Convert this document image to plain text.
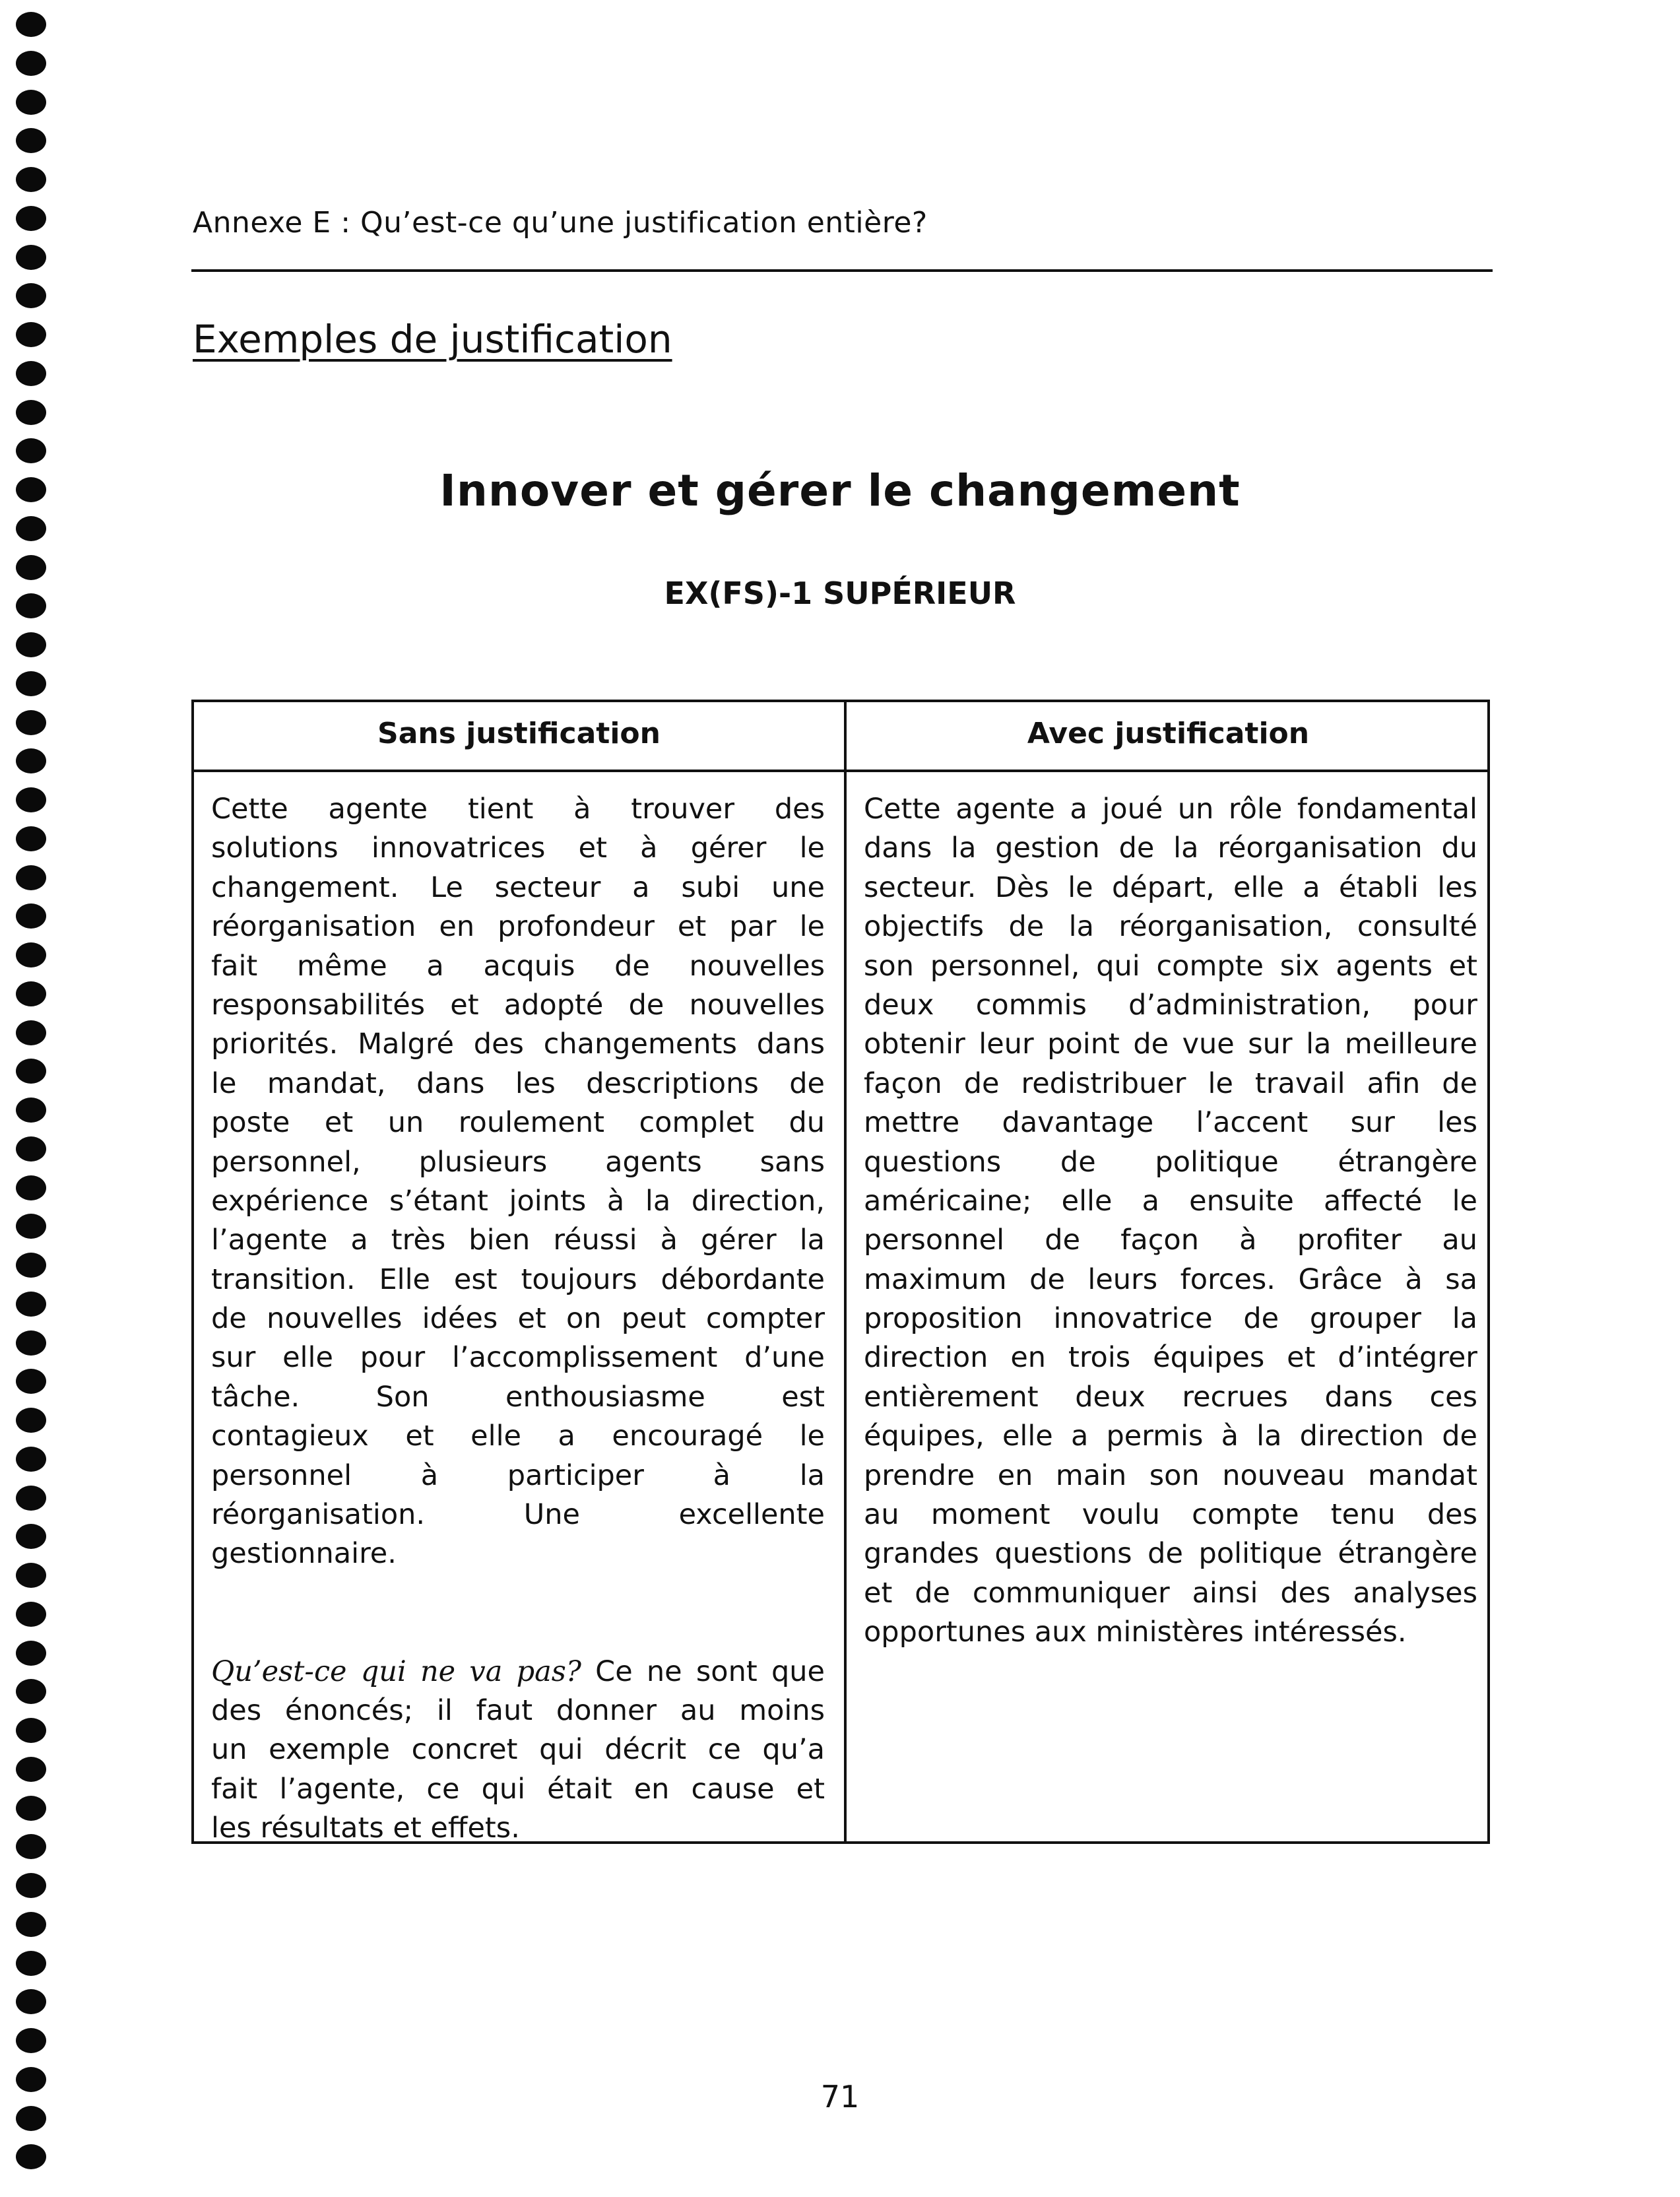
Annexe E : Qu’est-ce qu’une justification entière?
Exemples de justification
Innover et gérer le changement
EX(FS)-1 SUPÉRIEUR
Sans justification	Avec justification
Cette agente tient à trouver des
solutions innovatrices et à gérer le
changement. Le secteur a subi une
réorganisation en profondeur et par le
fait même a acquis de nouvelles
responsabilités et adopté de nouvelles
priorités. Malgré des changements dans
le mandat, dans les descriptions de
poste et un roulement complet du
personnel, plusieurs agents sans
expérience s’étant joints à la direction,
l’agente a très bien réussi à gérer la
transition. Elle est toujours débordante
de nouvelles idées et on peut compter
sur elle pour l’accomplissement d’une
tâche. Son enthousiasme est
contagieux et elle a encouragé le
personnel à participer à la
réorganisation. Une excellente
gestionnaire.
Qu’est-ce qui ne va pas? Ce ne sont que
des énoncés; il faut donner au moins
un exemple concret qui décrit ce qu’a
fait l’agente, ce qui était en cause et
les résultats et effets.
Cette agente a joué un rôle fondamental
dans la gestion de la réorganisation du
secteur. Dès le départ, elle a établi les
objectifs de la réorganisation, consulté
son personnel, qui compte six agents et
deux commis d’administration, pour
obtenir leur point de vue sur la meilleure
façon de redistribuer le travail afin de
mettre davantage l’accent sur les
questions de politique étrangère
américaine; elle a ensuite affecté le
personnel de façon à profiter au
maximum de leurs forces. Grâce à sa
proposition innovatrice de grouper la
direction en trois équipes et d’intégrer
entièrement deux recrues dans ces
équipes, elle a permis à la direction de
prendre en main son nouveau mandat
au moment voulu compte tenu des
grandes questions de politique étrangère
et de communiquer ainsi des analyses
opportunes aux ministères intéressés.
71
